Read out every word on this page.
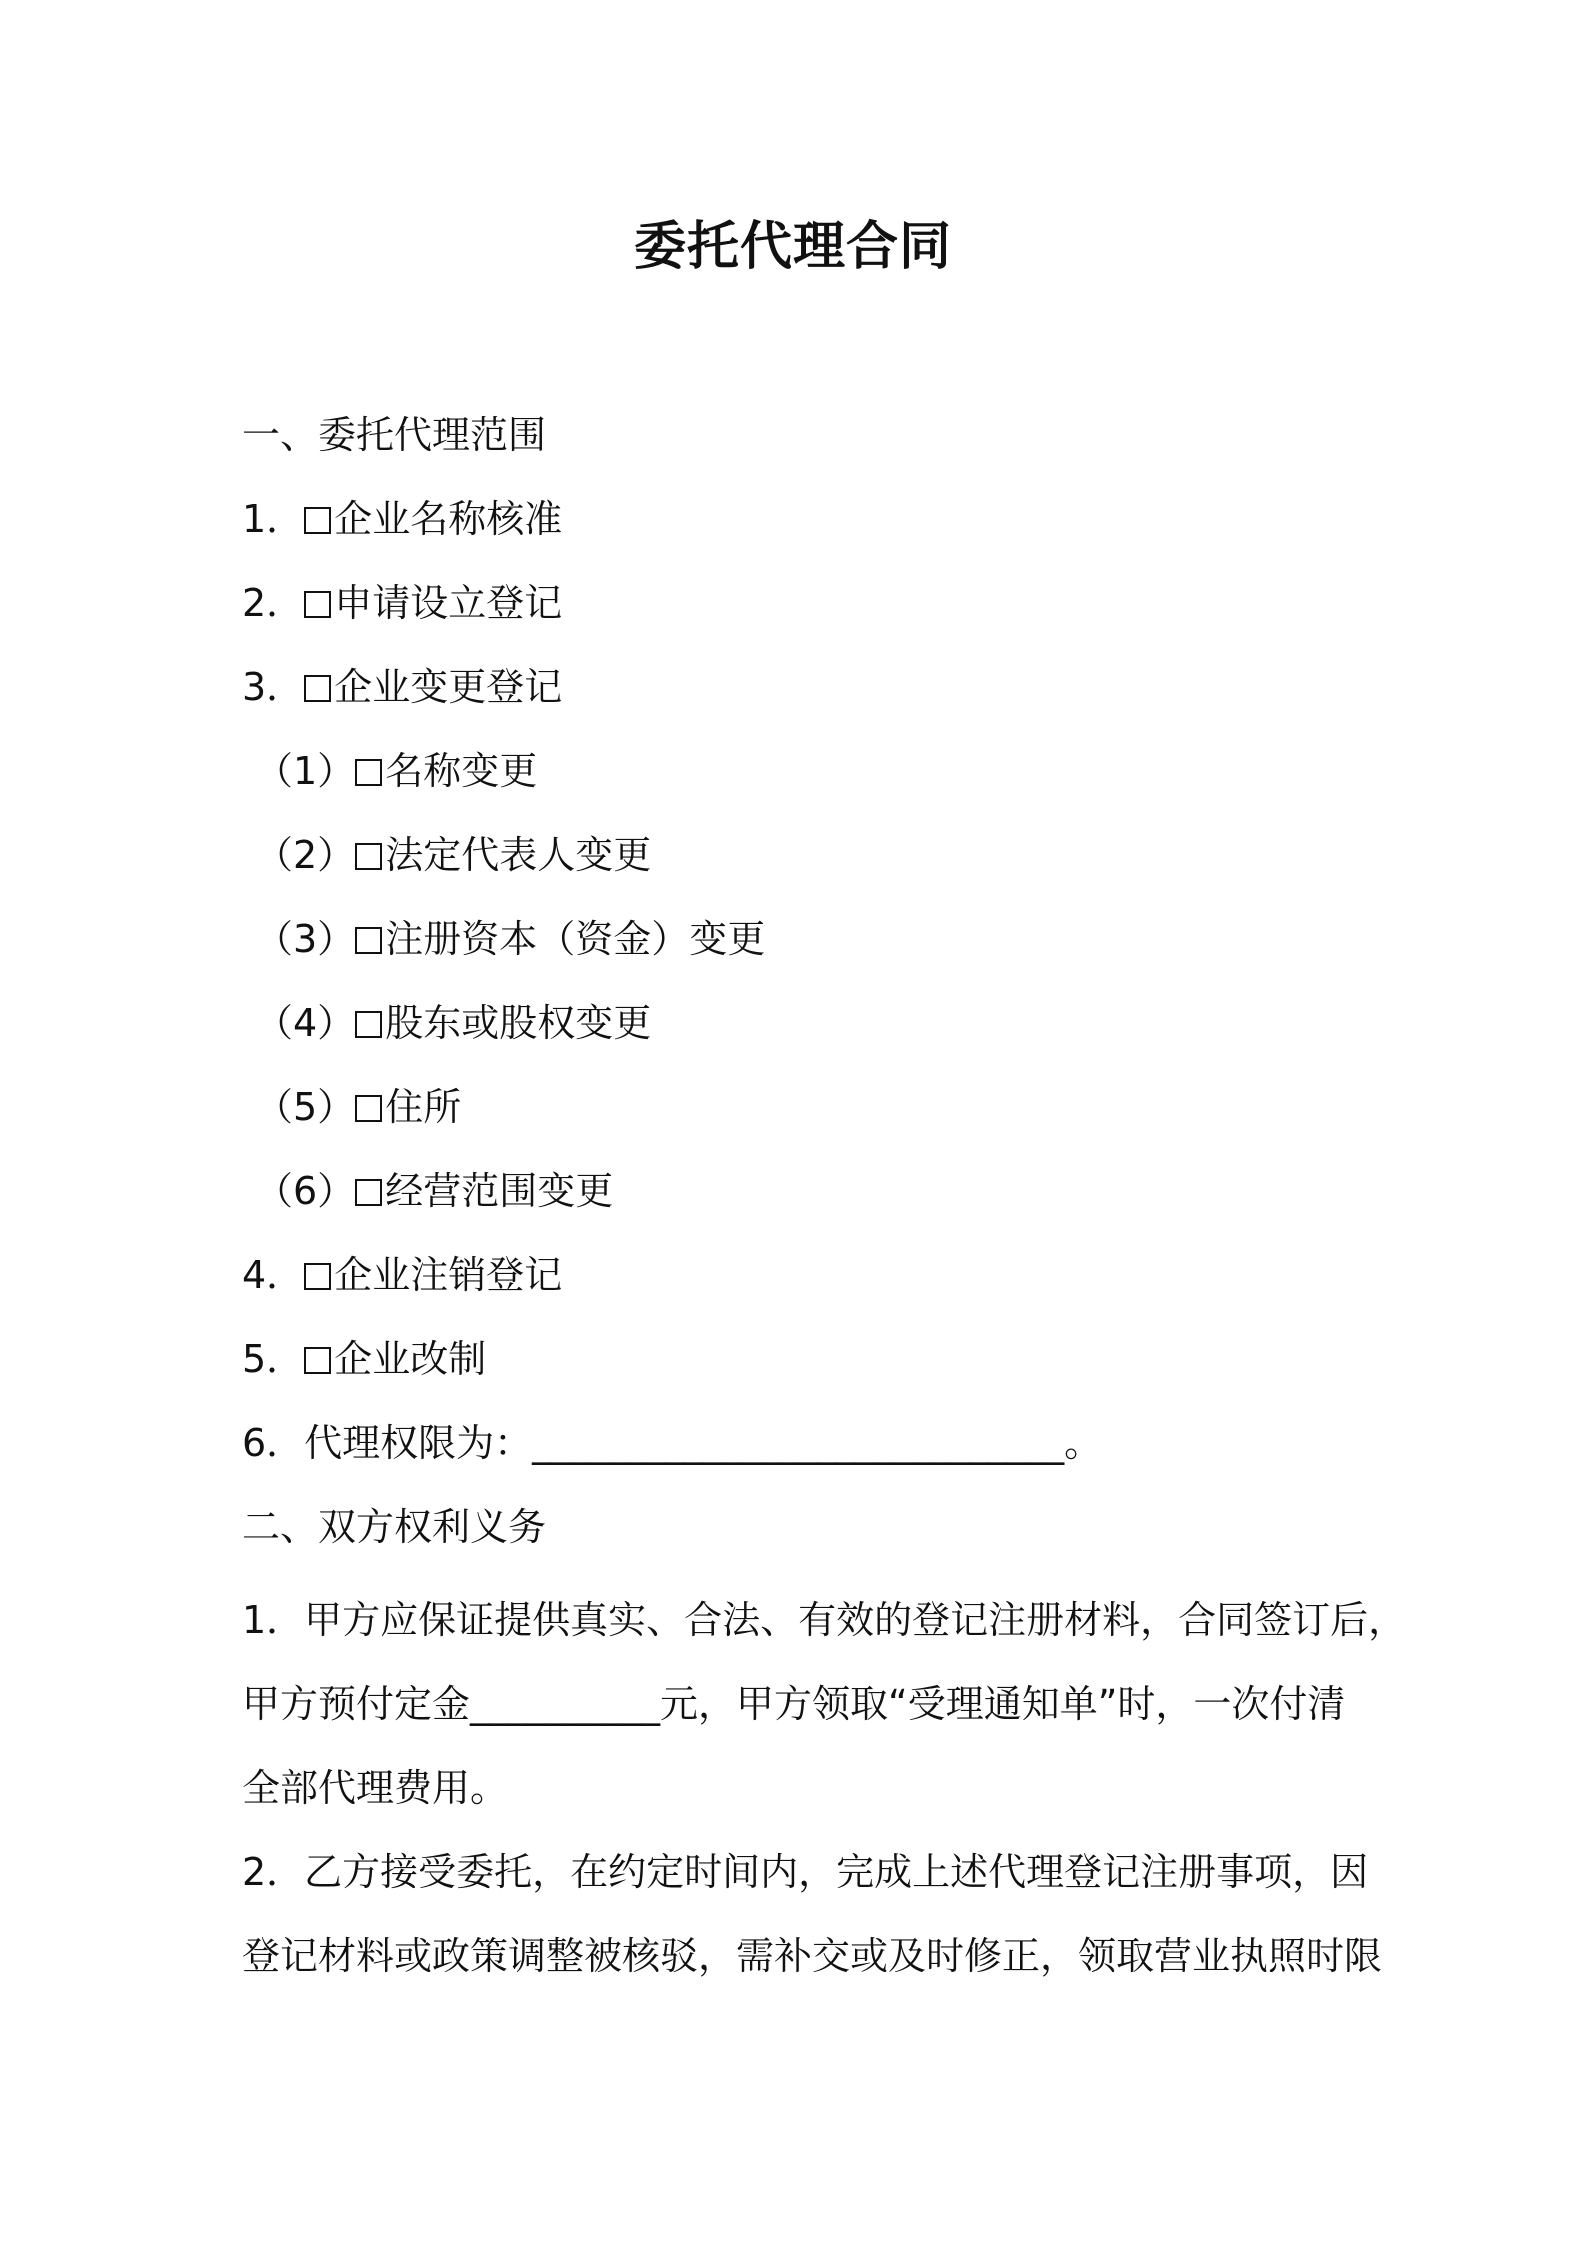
委托代理合同
一、委托代理范围
1． 企业名称核准
2． 申请设立登记
3． 企业变更登记
（1） 名称变更
（2） 法定代表人变更
（3） 注册资本（资金）变更
（4） 股东或股权变更
（5） 住所
（6） 经营范围变更
4． 企业注销登记
5． 企业改制
6．代理权限为：____________________________。
二、双方权利义务
1．甲方应保证提供真实、合法、有效的登记注册材料，合同签订后，
甲方预付定金__________元，甲方领取“受理通知单”时，一次付清
全部代理费用。
2．乙方接受委托，在约定时间内，完成上述代理登记注册事项，因
登记材料或政策调整被核驳，需补交或及时修正，领取营业执照时限
